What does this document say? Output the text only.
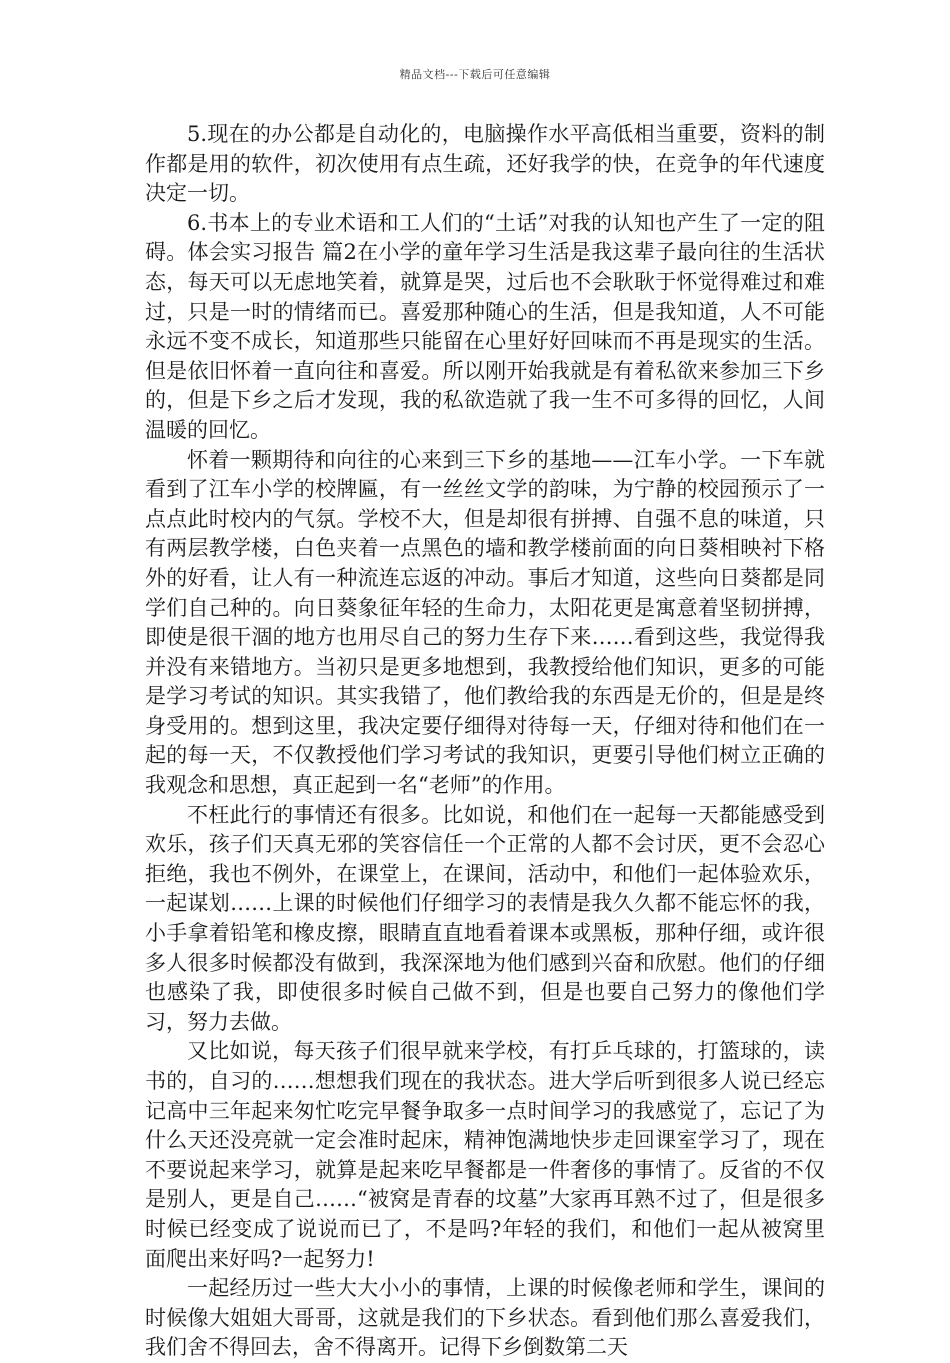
精品文档---下载后可任意编辑

5.现在的办公都是自动化的，电脑操作水平高低相当重要，资料的制作都是用的软件，初次使用有点生疏，还好我学的快，在竞争的年代速度决定一切。

6.书本上的专业术语和工人们的“土话”对我的认知也产生了一定的阻碍。体会实习报告 篇2在小学的童年学习生活是我这辈子最向往的生活状态，每天可以无虑地笑着，就算是哭，过后也不会耿耿于怀觉得难过和难过，只是一时的情绪而已。喜爱那种随心的生活，但是我知道，人不可能永远不变不成长，知道那些只能留在心里好好回味而不再是现实的生活。但是依旧怀着一直向往和喜爱。所以刚开始我就是有着私欲来参加三下乡的，但是下乡之后才发现，我的私欲造就了我一生不可多得的回忆，人间温暖的回忆。

怀着一颗期待和向往的心来到三下乡的基地——江车小学。一下车就看到了江车小学的校牌匾，有一丝丝文学的韵味，为宁静的校园预示了一点点此时校内的气氛。学校不大，但是却很有拼搏、自强不息的味道，只有两层教学楼，白色夹着一点黑色的墙和教学楼前面的向日葵相映衬下格外的好看，让人有一种流连忘返的冲动。事后才知道，这些向日葵都是同学们自己种的。向日葵象征年轻的生命力，太阳花更是寓意着坚韧拼搏，即使是很干涸的地方也用尽自己的努力生存下来……看到这些，我觉得我并没有来错地方。当初只是更多地想到，我教授给他们知识，更多的可能是学习考试的知识。其实我错了，他们教给我的东西是无价的，但是是终身受用的。想到这里，我决定要仔细得对待每一天，仔细对待和他们在一起的每一天，不仅教授他们学习考试的我知识，更要引导他们树立正确的我观念和思想，真正起到一名“老师”的作用。

不枉此行的事情还有很多。比如说，和他们在一起每一天都能感受到欢乐，孩子们天真无邪的笑容信任一个正常的人都不会讨厌，更不会忍心拒绝，我也不例外，在课堂上，在课间，活动中，和他们一起体验欢乐，一起谋划……上课的时候他们仔细学习的表情是我久久都不能忘怀的我，小手拿着铅笔和橡皮擦，眼睛直直地看着课本或黑板，那种仔细，或许很多人很多时候都没有做到，我深深地为他们感到兴奋和欣慰。他们的仔细也感染了我，即使很多时候自己做不到，但是也要自己努力的像他们学习，努力去做。

又比如说，每天孩子们很早就来学校，有打乒乓球的，打篮球的，读书的，自习的……想想我们现在的我状态。进大学后听到很多人说已经忘记高中三年起来匆忙吃完早餐争取多一点时间学习的我感觉了，忘记了为什么天还没亮就一定会准时起床，精神饱满地快步走回课室学习了，现在不要说起来学习，就算是起来吃早餐都是一件奢侈的事情了。反省的不仅是别人，更是自己……“被窝是青春的坟墓”大家再耳熟不过了，但是很多时候已经变成了说说而已了，不是吗?年轻的我们，和他们一起从被窝里面爬出来好吗?一起努力!

一起经历过一些大大小小的事情，上课的时候像老师和学生，课间的时候像大姐姐大哥哥，这就是我们的下乡状态。看到他们那么喜爱我们，我们舍不得回去，舍不得离开。记得下乡倒数第二天
